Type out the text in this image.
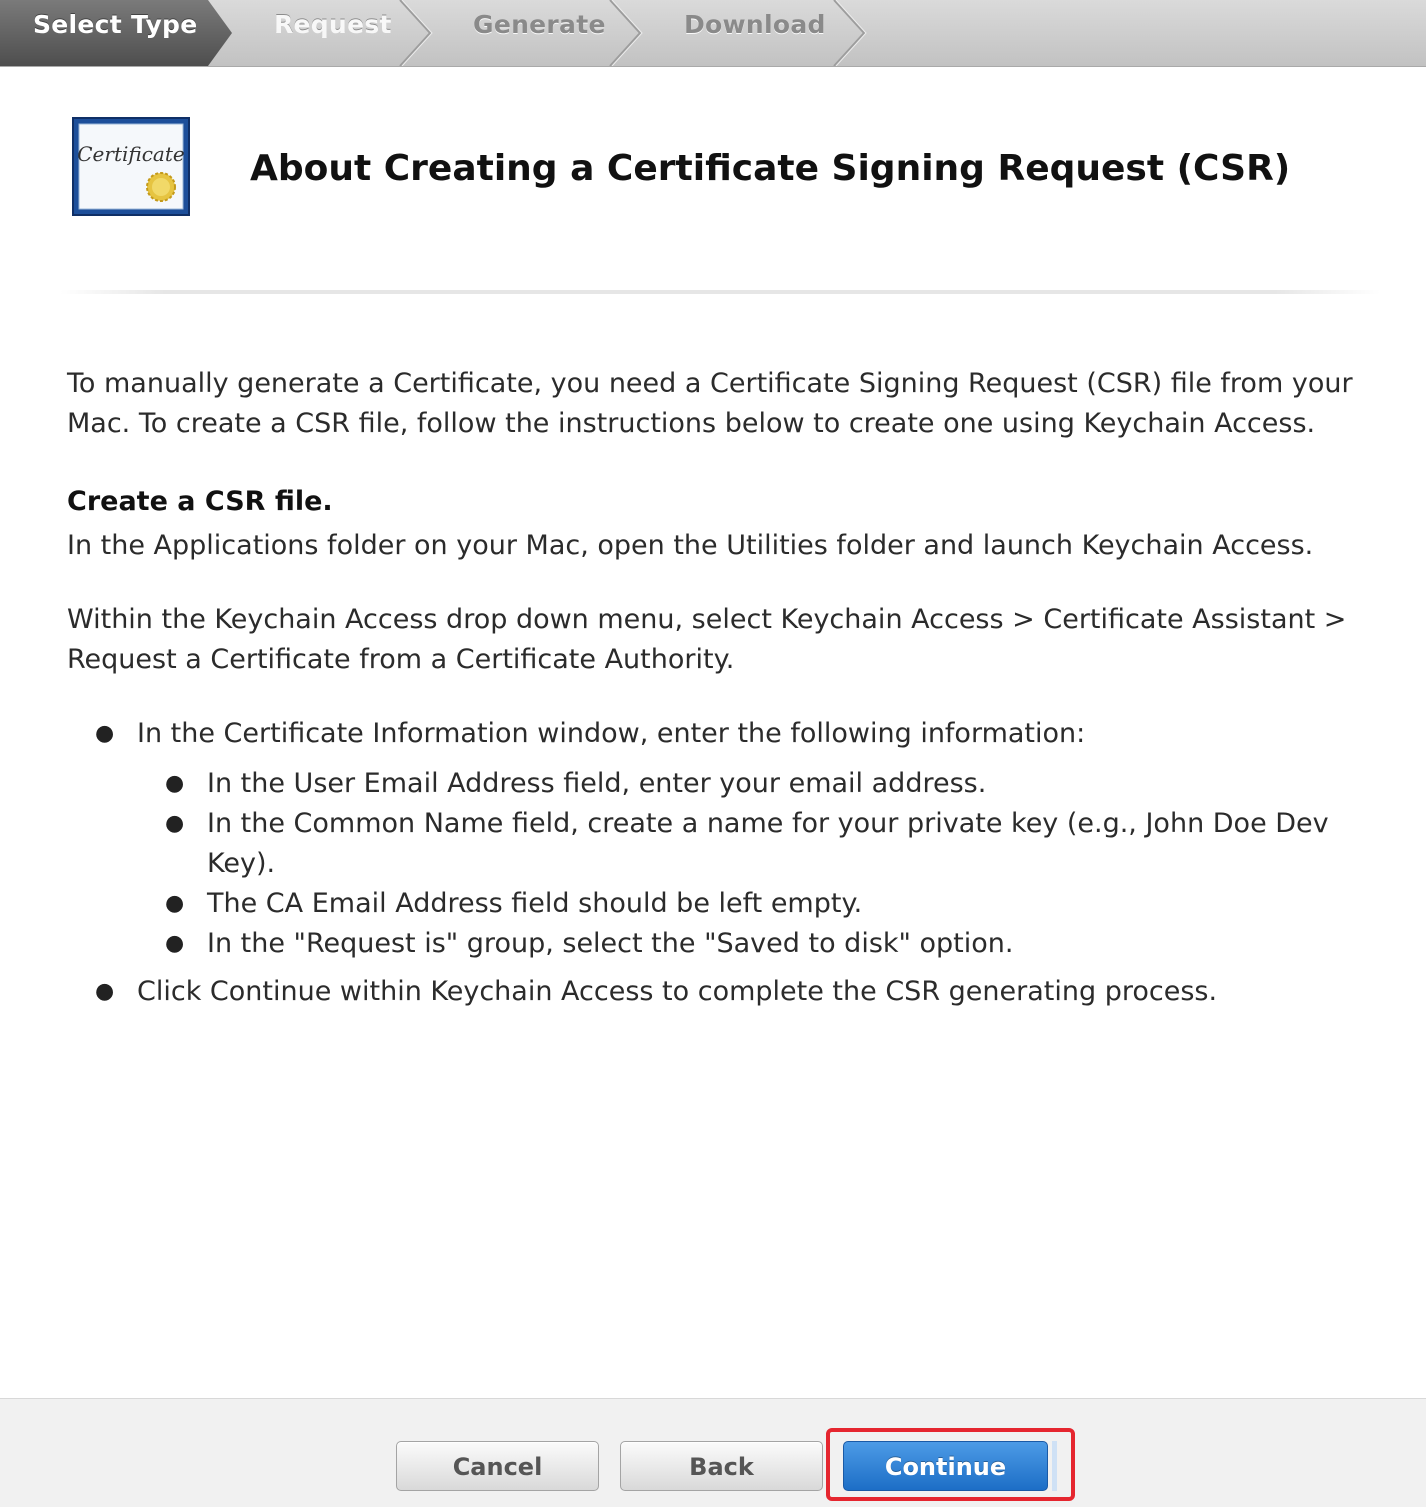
Select Type	Request	Generate	Download
Certificate About Creating a Certificate Signing Request (CSR)

To manually generate a Certificate, you need a Certificate Signing Request (CSR) file from your Mac. To create a CSR file, follow the instructions below to create one using Keychain Access.

Create a CSR file.

In the Applications folder on your Mac, open the Utilities folder and launch Keychain Access.

Within the Keychain Access drop down menu, select Keychain Access > Certificate Assistant > Request a Certificate from a Certificate Authority.

● In the Certificate Information window, enter the following information:
● In the User Email Address field, enter your email address.
● In the Common Name field, create a name for your private key (e.g., John Doe Dev Key).
● The CA Email Address field should be left empty.
● In the "Request is" group, select the "Saved to disk" option.
● Click Continue within Keychain Access to complete the CSR generating process.
Cancel	Back	Continue
